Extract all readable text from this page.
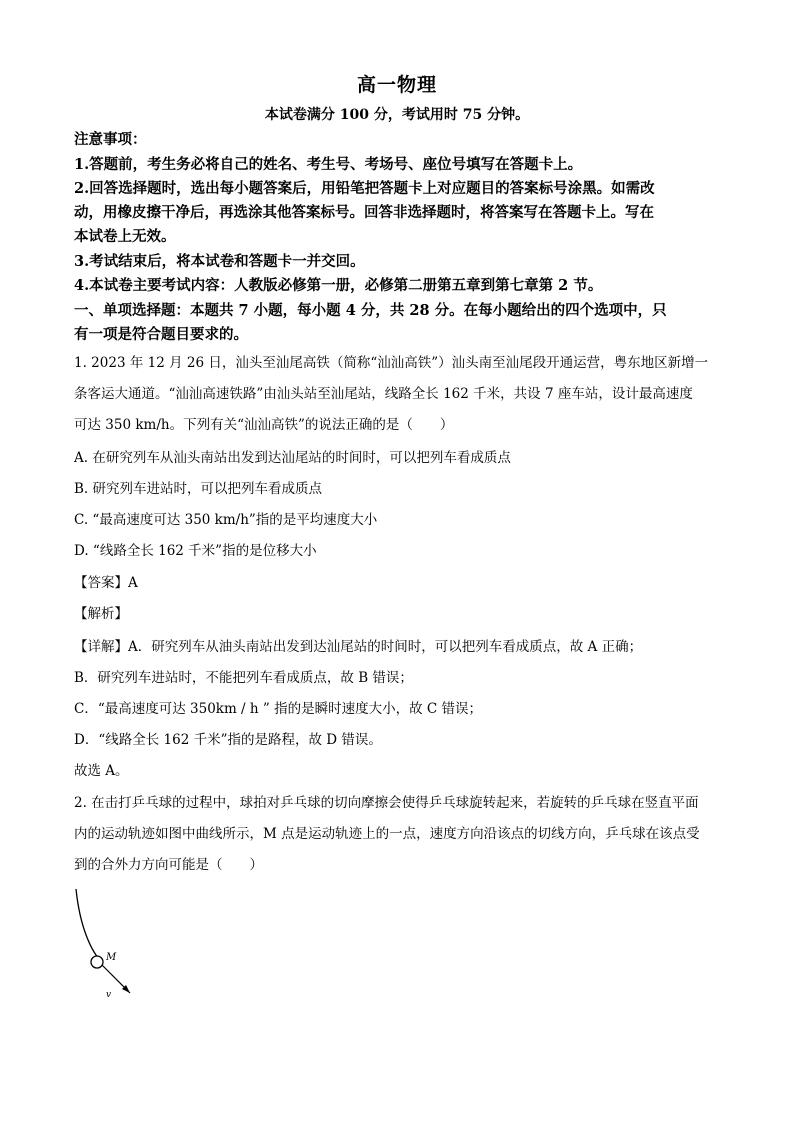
高一物理
本试卷满分 100 分，考试用时 75 分钟。
注意事项：
1.答题前，考生务必将自己的姓名、考生号、考场号、座位号填写在答题卡上。
2.回答选择题时，选出每小题答案后，用铅笔把答题卡上对应题目的答案标号涂黑。如需改
动，用橡皮擦干净后，再选涂其他答案标号。回答非选择题时，将答案写在答题卡上。写在
本试卷上无效。
3.考试结束后，将本试卷和答题卡一并交回。
4.本试卷主要考试内容：人教版必修第一册，必修第二册第五章到第七章第 2 节。
一、单项选择题：本题共 7 小题，每小题 4 分，共 28 分。在每小题给出的四个选项中，只
有一项是符合题目要求的。
1. 2023 年 12 月 26 日，汕头至汕尾高铁（简称“汕汕高铁”）汕头南至汕尾段开通运营，粤东地区新增一
条客运大通道。“汕汕高速铁路”由汕头站至汕尾站，线路全长 162 千米，共设 7 座车站，设计最高速度
可达 350 km/h。下列有关“汕汕高铁”的说法正确的是（　　）
A. 在研究列车从汕头南站出发到达汕尾站的时间时，可以把列车看成质点
B. 研究列车进站时，可以把列车看成质点
C. “最高速度可达 350 km/h”指的是平均速度大小
D. “线路全长 162 千米”指的是位移大小
【答案】A
【解析】
【详解】A．研究列车从油头南站出发到达汕尾站的时间时，可以把列车看成质点，故 A 正确；
B．研究列车进站时，不能把列车看成质点，故 B 错误；
C．“最高速度可达 350km / h ” 指的是瞬时速度大小，故 C 错误；
D．“线路全长 162 千米”指的是路程，故 D 错误。
故选 A。
2. 在击打乒乓球的过程中，球拍对乒乓球的切向摩擦会使得乒乓球旋转起来，若旋转的乒乓球在竖直平面
内的运动轨迹如图中曲线所示，M 点是运动轨迹上的一点，速度方向沿该点的切线方向，乒乓球在该点受
到的合外力方向可能是（　　）
M
v
